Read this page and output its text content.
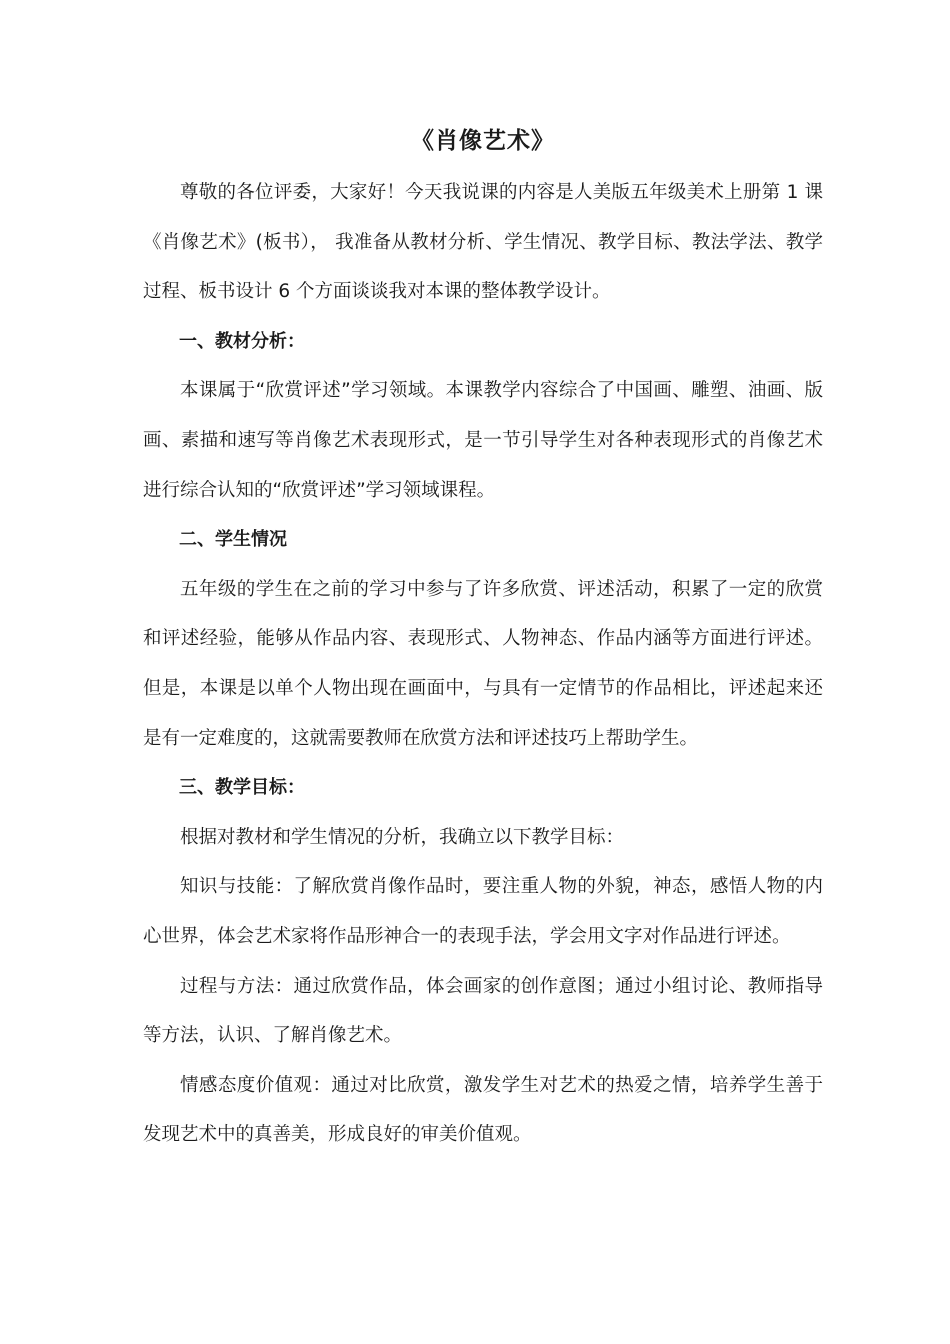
《肖像艺术》

尊敬的各位评委，大家好！今天我说课的内容是人美版五年级美术上册第 1 课《肖像艺术》(板书）， 我准备从教材分析、学生情况、教学目标、教法学法、教学过程、板书设计 6 个方面谈谈我对本课的整体教学设计。

一、教材分析：

本课属于“欣赏评述”学习领域。本课教学内容综合了中国画、雕塑、油画、版画、素描和速写等肖像艺术表现形式，是一节引导学生对各种表现形式的肖像艺术进行综合认知的“欣赏评述”学习领域课程。

二、学生情况

五年级的学生在之前的学习中参与了许多欣赏、评述活动，积累了一定的欣赏和评述经验，能够从作品内容、表现形式、人物神态、作品内涵等方面进行评述。但是，本课是以单个人物出现在画面中，与具有一定情节的作品相比，评述起来还是有一定难度的，这就需要教师在欣赏方法和评述技巧上帮助学生。

三、教学目标：

根据对教材和学生情况的分析，我确立以下教学目标：

知识与技能：了解欣赏肖像作品时，要注重人物的外貌，神态，感悟人物的内心世界，体会艺术家将作品形神合一的表现手法，学会用文字对作品进行评述。

过程与方法：通过欣赏作品，体会画家的创作意图；通过小组讨论、教师指导等方法，认识、了解肖像艺术。

情感态度价值观：通过对比欣赏，激发学生对艺术的热爱之情，培养学生善于发现艺术中的真善美，形成良好的审美价值观。
